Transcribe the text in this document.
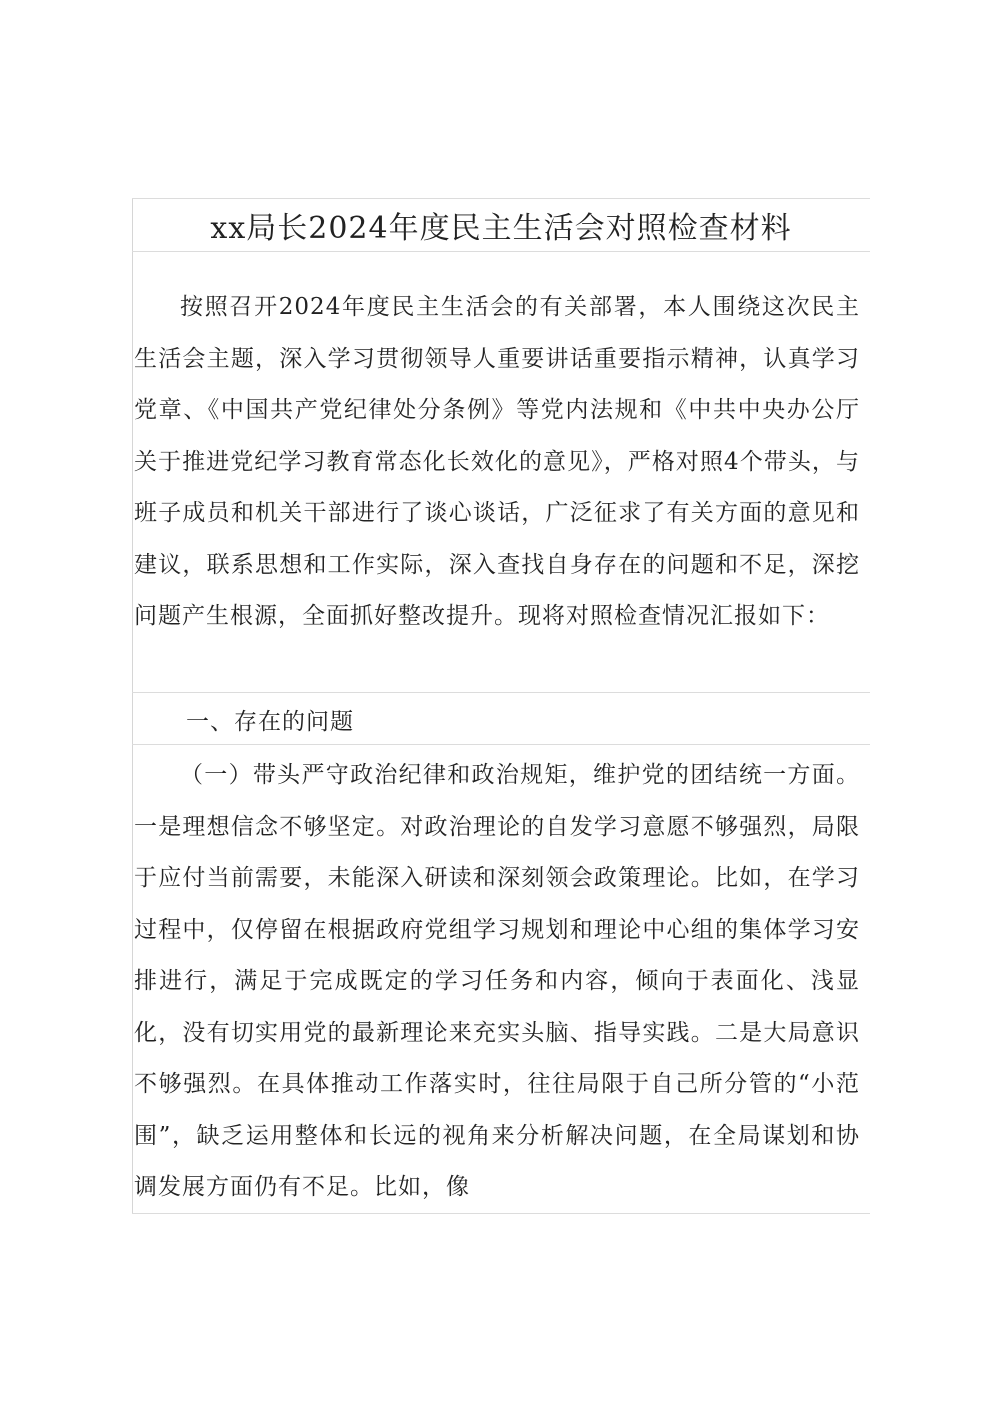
xx局长2024年度民主生活会对照检查材料

按照召开2024年度民主生活会的有关部署，本人围绕这次民主生活会主题，深入学习贯彻领导人重要讲话重要指示精神，认真学习党章、《中国共产党纪律处分条例》等党内法规和《中共中央办公厅关于推进党纪学习教育常态化长效化的意见》，严格对照4个带头，与班子成员和机关干部进行了谈心谈话，广泛征求了有关方面的意见和建议，联系思想和工作实际，深入查找自身存在的问题和不足，深挖问题产生根源，全面抓好整改提升。现将对照检查情况汇报如下：

一、存在的问题

（一）带头严守政治纪律和政治规矩，维护党的团结统一方面。一是理想信念不够坚定。对政治理论的自发学习意愿不够强烈，局限于应付当前需要，未能深入研读和深刻领会政策理论。比如，在学习过程中，仅停留在根据政府党组学习规划和理论中心组的集体学习安排进行，满足于完成既定的学习任务和内容，倾向于表面化、浅显化，没有切实用党的最新理论来充实头脑、指导实践。二是大局意识不够强烈。在具体推动工作落实时，往往局限于自己所分管的“小范围”，缺乏运用整体和长远的视角来分析解决问题，在全局谋划和协调发展方面仍有不足。比如，像
